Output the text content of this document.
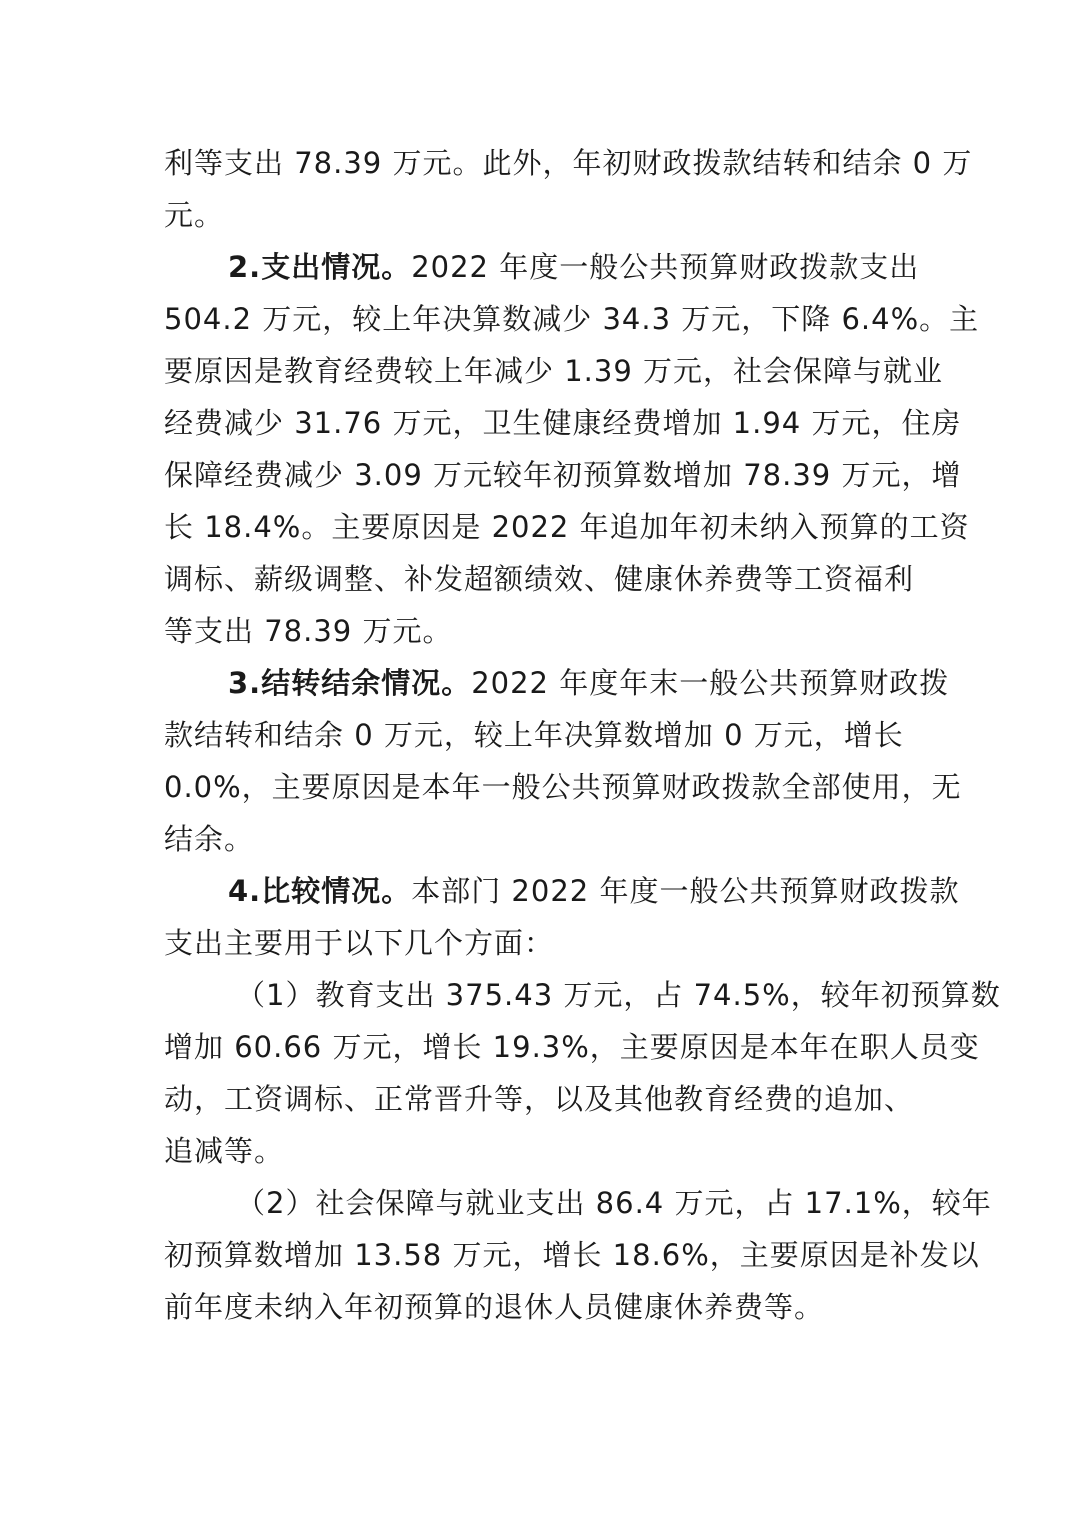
利等支出 78.39 万元。此外，年初财政拨款结转和结余 0 万
元。
2.支出情况。2022 年度一般公共预算财政拨款支出
504.2 万元，较上年决算数减少 34.3 万元，下降 6.4%。主
要原因是教育经费较上年减少 1.39 万元，社会保障与就业
经费减少 31.76 万元，卫生健康经费增加 1.94 万元，住房
保障经费减少 3.09 万元较年初预算数增加 78.39 万元，增
长 18.4%。主要原因是 2022 年追加年初未纳入预算的工资
调标、薪级调整、补发超额绩效、健康休养费等工资福利
等支出 78.39 万元。
3.结转结余情况。2022 年度年末一般公共预算财政拨
款结转和结余 0 万元，较上年决算数增加 0 万元，增长
0.0%，主要原因是本年一般公共预算财政拨款全部使用，无
结余。
4.比较情况。本部门 2022 年度一般公共预算财政拨款
支出主要用于以下几个方面：
（1）教育支出 375.43 万元，占 74.5%，较年初预算数
增加 60.66 万元，增长 19.3%，主要原因是本年在职人员变
动，工资调标、正常晋升等，以及其他教育经费的追加、
追减等。
（2）社会保障与就业支出 86.4 万元，占 17.1%，较年
初预算数增加 13.58 万元，增长 18.6%，主要原因是补发以
前年度未纳入年初预算的退休人员健康休养费等。
